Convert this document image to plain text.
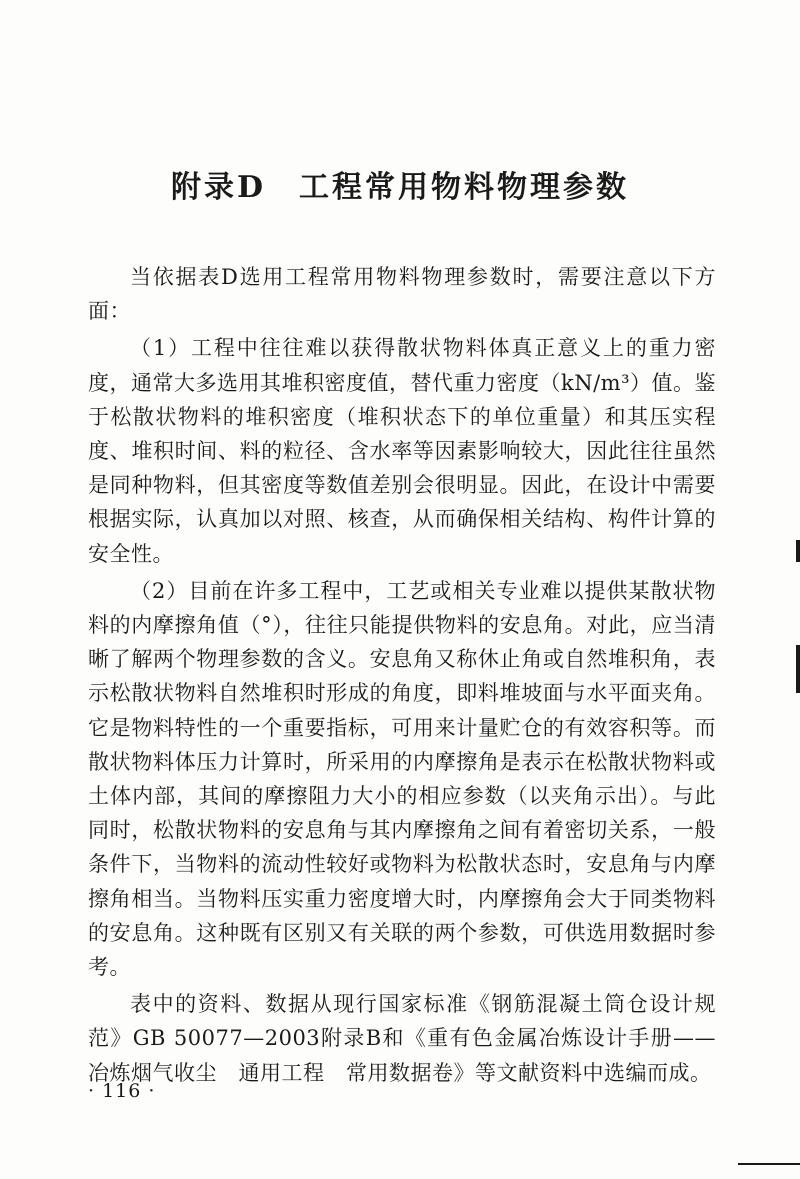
附录D　工程常用物料物理参数

当依据表D选用工程常用物料物理参数时，需要注意以下方面：

（1）工程中往往难以获得散状物料体真正意义上的重力密度，通常大多选用其堆积密度值，替代重力密度（kN/m³）值。鉴于松散状物料的堆积密度（堆积状态下的单位重量）和其压实程度、堆积时间、料的粒径、含水率等因素影响较大，因此往往虽然是同种物料，但其密度等数值差别会很明显。因此，在设计中需要根据实际，认真加以对照、核查，从而确保相关结构、构件计算的安全性。

（2）目前在许多工程中，工艺或相关专业难以提供某散状物料的内摩擦角值（°），往往只能提供物料的安息角。对此，应当清晰了解两个物理参数的含义。安息角又称休止角或自然堆积角，表示松散状物料自然堆积时形成的角度，即料堆坡面与水平面夹角。它是物料特性的一个重要指标，可用来计量贮仓的有效容积等。而散状物料体压力计算时，所采用的内摩擦角是表示在松散状物料或土体内部，其间的摩擦阻力大小的相应参数（以夹角示出）。与此同时，松散状物料的安息角与其内摩擦角之间有着密切关系，一般条件下，当物料的流动性较好或物料为松散状态时，安息角与内摩擦角相当。当物料压实重力密度增大时，内摩擦角会大于同类物料的安息角。这种既有区别又有关联的两个参数，可供选用数据时参考。

表中的资料、数据从现行国家标准《钢筋混凝土筒仓设计规范》GB 50077—2003附录B和《重有色金属冶炼设计手册——冶炼烟气收尘　通用工程　常用数据卷》等文献资料中选编而成。

· 116 ·
